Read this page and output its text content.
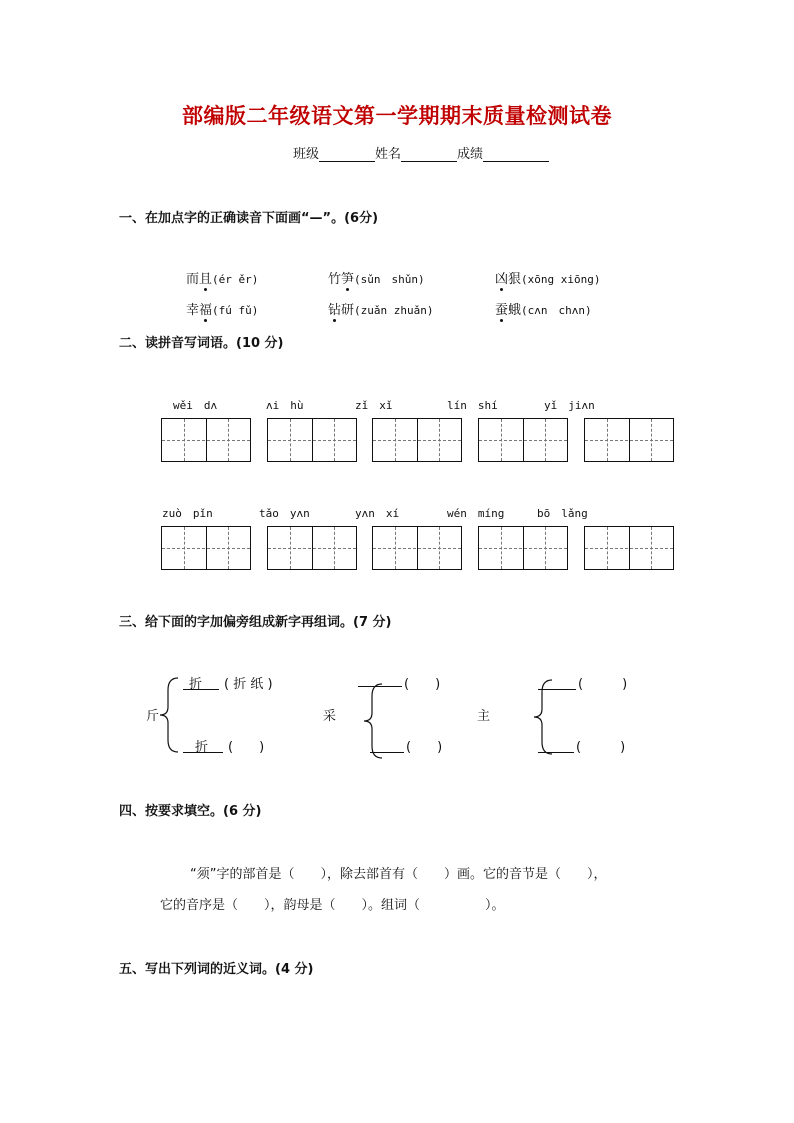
部编版二年级语文第一学期期末质量检测试卷
班级	姓名	成绩
一、在加点字的正确读音下面画“—”。(6分)
而且(ér ěr)	竹笋(sǔn　shǔn)	凶狠(xōng xiōng)
幸福(fú fǔ)	钻研(zuǎn zhuǎn)	蚕蛾(cʌn　chʌn)
二、读拼音写词语。(10 分)
wěi　dʌ	ʌi　hù	zǐ　xǐ	lín　shí	yǐ　jiʌn
zuò　pǐn	tǎo　yʌn	yʌn　xí	wén　míng	bō　lǎng
三、给下面的字加偏旁组成新字再组词。(7 分)
斤
折 ( 折 纸 )
折 (　　)
采
(　　)
(　　)
主
(　　　)
(　　　)
四、按要求填空。(6 分)
“须”字的部首是（　　），除去部首有（　　）画。它的音节是（　　），
它的音序是（　　），韵母是（　　）。组词（　　　　　）。
五、写出下列词的近义词。(4 分)
